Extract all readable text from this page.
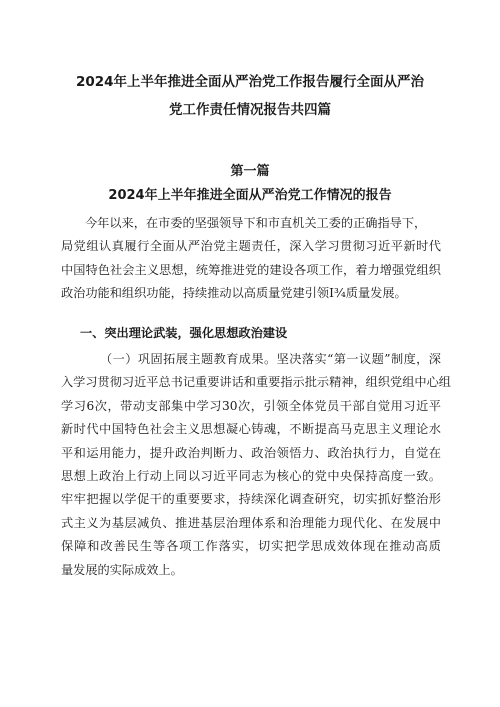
2024年上半年推进全面从严治党工作报告履行全面从严治
党工作责任情况报告共四篇
第一篇
2024年上半年推进全面从严治党工作情况的报告
今年以来，在市委的坚强领导下和市直机关工委的正确指导下，
局党组认真履行全面从严治党主题责任，深入学习贯彻习近平新时代
中国特色社会主义思想，统筹推进党的建设各项工作，着力增强党组织
政治功能和组织功能，持续推动以高质量党建引领I¾质量发展。
一、突出理论武装，强化思想政治建设
（一）巩固拓展主题教育成果。坚决落实“第一议题”制度，深
入学习贯彻习近平总书记重要讲话和重要指示批示精神，组织党组中心组
学习6次，带动支部集中学习30次，引领全体党员干部自觉用习近平
新时代中国特色社会主义思想凝心铸魂，不断提高马克思主义理论水
平和运用能力，提升政治判断力、政治领悟力、政治执行力，自觉在
思想上政治上行动上同以习近平同志为核心的党中央保持高度一致。
牢牢把握以学促干的重要要求，持续深化调查研究，切实抓好整治形
式主义为基层减负、推进基层治理体系和治理能力现代化、在发展中
保障和改善民生等各项工作落实，切实把学思成效体现在推动高质
量发展的实际成效上。
